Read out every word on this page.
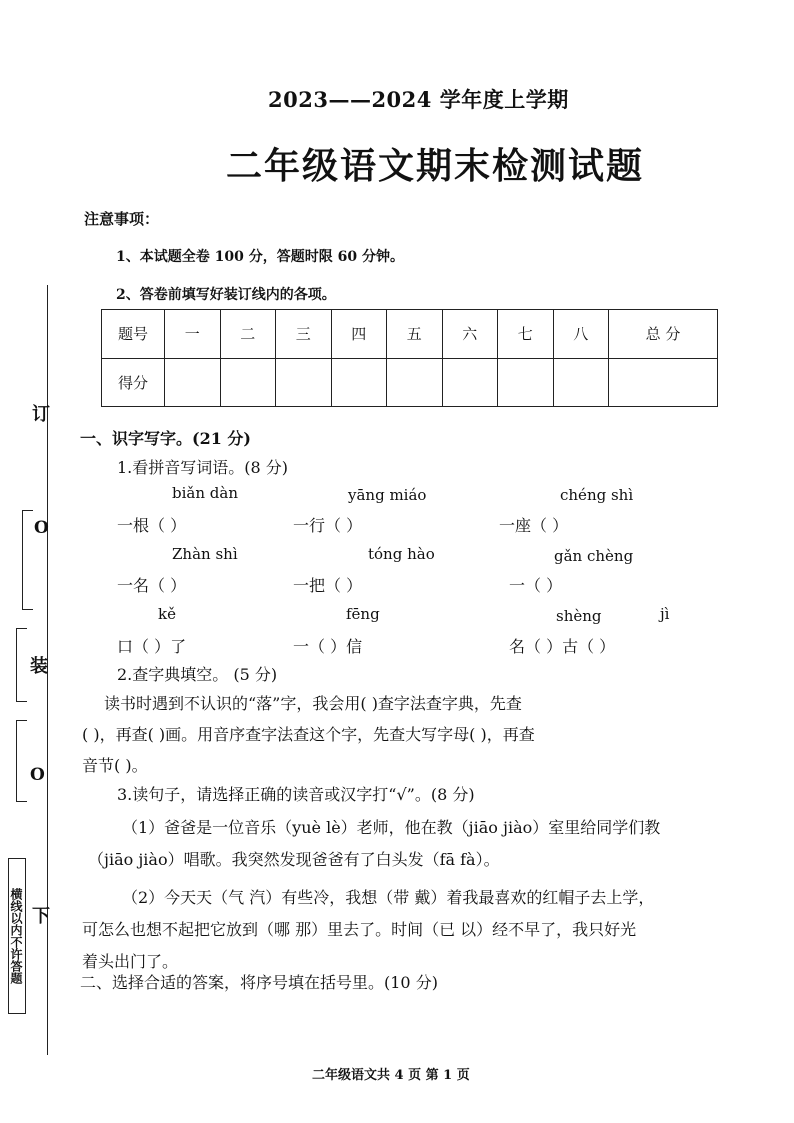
订
O
装
O
下
横线以内不许答题
2023——2024 学年度上学期
二年级语文期末检测试题
注意事项：
1、本试题全卷 100 分，答题时限 60 分钟。
2、答卷前填写好装订线内的各项。
题号	一	二	三	四	五	六	七	八	总 分
得分									
一、识字写字。(21 分)
1.看拼音写词语。(8 分)
biǎn dàn	yāng miáo	chéng shì
一根（ ）	一行（ ）	一座（ ）
Zhàn shì	tóng hào	gǎn chèng
一名（ ）	一把（ ）	一（ ）
kě	fēng	shèng	jì
口（ ）了	一（ ）信	名（ ）古（ ）
2.查字典填空。 (5 分)
读书时遇到不认识的“落”字，我会用( )查字法查字典，先查
( )，再查( )画。用音序查字法查这个字，先查大写字母( )，再查
音节( )。
3.读句子，请选择正确的读音或汉字打“√”。(8 分)
（1）爸爸是一位音乐（yuè lè）老师，他在教（jiāo jiào）室里给同学们教
（jiāo jiào）唱歌。我突然发现爸爸有了白头发（fā fà）。
（2）今天天（气 汽）有些冷，我想（带 戴）着我最喜欢的红帽子去上学，
可怎么也想不起把它放到（哪 那）里去了。时间（已 以）经不早了，我只好光
着头出门了。
二、选择合适的答案，将序号填在括号里。(10 分)
二年级语文共 4 页 第 1 页
